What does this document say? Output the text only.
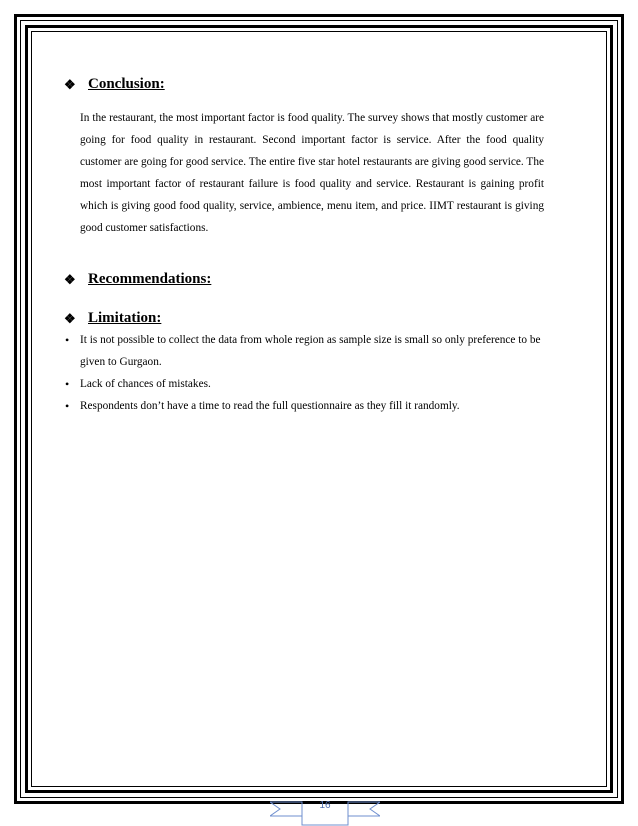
❖ Conclusion:

In the restaurant, the most important factor is food quality. The survey shows that mostly customer are going for food quality in restaurant. Second important factor is service. After the food quality customer are going for good service. The entire five star hotel restaurants are giving good service. The most important factor of restaurant failure is food quality and service. Restaurant is gaining profit which is giving good food quality, service, ambience, menu item, and price. IIMT restaurant is giving good customer satisfactions.

❖ Recommendations:
❖ Limitation:
• It is not possible to collect the data from whole region as sample size is small so only preference to be given to Gurgaon.
• Lack of chances of mistakes.
• Respondents don’t have a time to read the full questionnaire as they fill it randomly.
16
